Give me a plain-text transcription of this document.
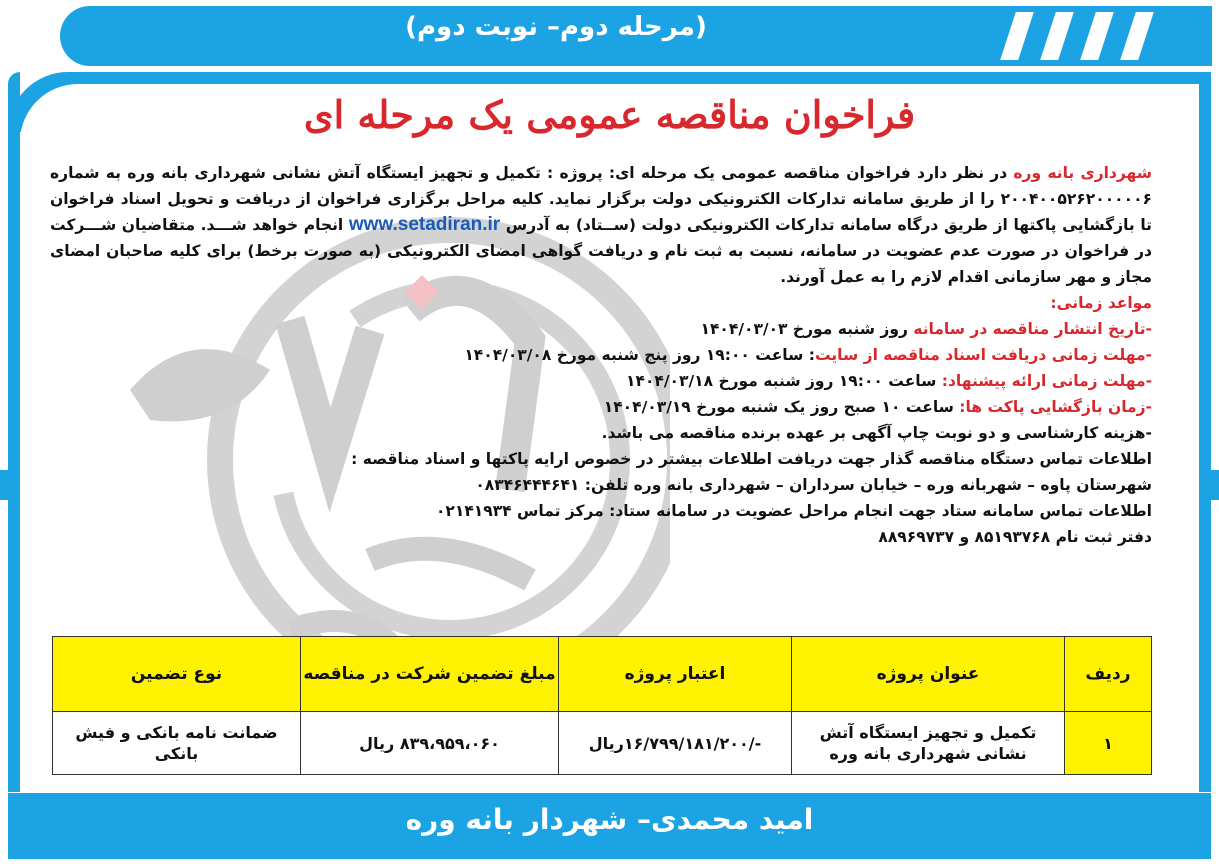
(مرحله دوم– نوبت دوم)
فراخوان مناقصه عمومی یک مرحله ای

شهرداری بانه وره در نظر دارد فراخوان مناقصه عمومی یک مرحله ای: پروژه : تکمیل و تجهیز ایستگاه آتش نشانی شهرداری بانه وره به شماره ۲۰۰۴۰۰۵۲۶۲۰۰۰۰۰۶ را از طریق سامانه تدارکات الکترونیکی دولت برگزار نماید. کلیه مراحل برگزاری فراخوان از دریافت و تحویل اسناد فراخوان تا بازگشایی پاکتها از طریق درگاه سامانه تدارکات الکترونیکی دولت (ســتاد) به آدرس www.setadiran.ir انجام خواهد شـــد. متقاضیان شـــرکت در فراخوان در صورت عدم عضویت در سامانه، نسبت به ثبت نام و دریافت گواهی امضای الکترونیکی (به صورت برخط) برای کلیه صاحبان امضای مجاز و مهر سازمانی اقدام لازم را به عمل آورند.

مواعد زمانی:

-تاریخ انتشار مناقصه در سامانه روز شنبه مورخ ۱۴۰۴/۰۳/۰۳

-مهلت زمانی دریافت اسناد مناقصه از سایت: ساعت ۱۹:۰۰ روز پنج شنبه مورخ ۱۴۰۴/۰۳/۰۸

-مهلت زمانی ارائه پیشنهاد: ساعت ۱۹:۰۰ روز شنبه مورخ ۱۴۰۴/۰۳/۱۸

-زمان بازگشایی پاکت ها: ساعت ۱۰ صبح روز یک شنبه مورخ ۱۴۰۴/۰۳/۱۹

-هزینه کارشناسی و دو نوبت چاپ آگهی بر عهده برنده مناقصه می باشد.

اطلاعات تماس دستگاه مناقصه گذار جهت دریافت اطلاعات بیشتر در خصوص ارایه پاکتها و اسناد مناقصه :

شهرستان پاوه – شهربانه وره – خیابان سرداران – شهرداری بانه وره تلفن: ۰۸۳۴۶۴۴۴۶۴۱

اطلاعات تماس سامانه ستاد جهت انجام مراحل عضویت در سامانه ستاد: مرکز تماس ۰۲۱۴۱۹۳۴

دفتر ثبت نام ۸۵۱۹۳۷۶۸ و ۸۸۹۶۹۷۳۷

ردیف	عنوان پروژه	اعتبار پروژه	مبلغ تضمین شرکت در مناقصه	نوع تضمین
۱	تکمیل و تجهیز ایستگاه آتش نشانی شهرداری بانه وره	-/۱۶/۷۹۹/۱۸۱/۲۰۰ریال	۸۳۹،۹۵۹،۰۶۰ ریال	ضمانت نامه بانکی و فیش بانکی
امید محمدی– شهردار بانه وره
